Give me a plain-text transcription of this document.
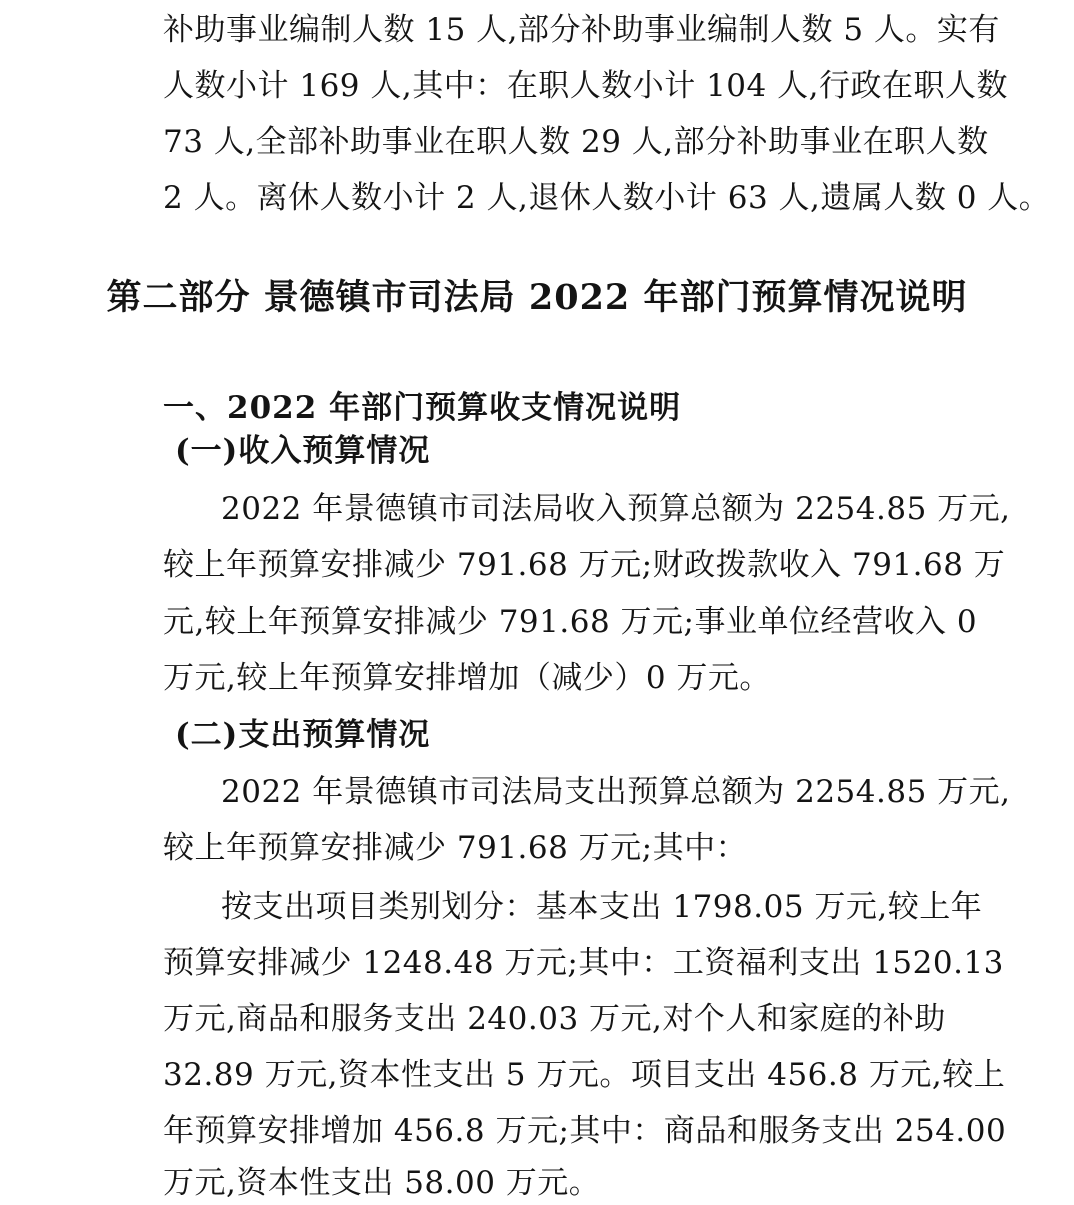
补助事业编制人数 15 人,部分补助事业编制人数 5 人。实有
人数小计 169 人,其中：在职人数小计 104 人,行政在职人数
73 人,全部补助事业在职人数 29 人,部分补助事业在职人数
2 人。离休人数小计 2 人,退休人数小计 63 人,遗属人数 0 人。
第二部分 景德镇市司法局 2022 年部门预算情况说明
一、2022 年部门预算收支情况说明
(一)收入预算情况
2022 年景德镇市司法局收入预算总额为 2254.85 万元,
较上年预算安排减少 791.68 万元;财政拨款收入 791.68 万
元,较上年预算安排减少 791.68 万元;事业单位经营收入 0
万元,较上年预算安排增加（减少）0 万元。
(二)支出预算情况
2022 年景德镇市司法局支出预算总额为 2254.85 万元,
较上年预算安排减少 791.68 万元;其中：
按支出项目类别划分：基本支出 1798.05 万元,较上年
预算安排减少 1248.48 万元;其中：工资福利支出 1520.13
万元,商品和服务支出 240.03 万元,对个人和家庭的补助
32.89 万元,资本性支出 5 万元。项目支出 456.8 万元,较上
年预算安排增加 456.8 万元;其中：商品和服务支出 254.00
万元,资本性支出 58.00 万元。
